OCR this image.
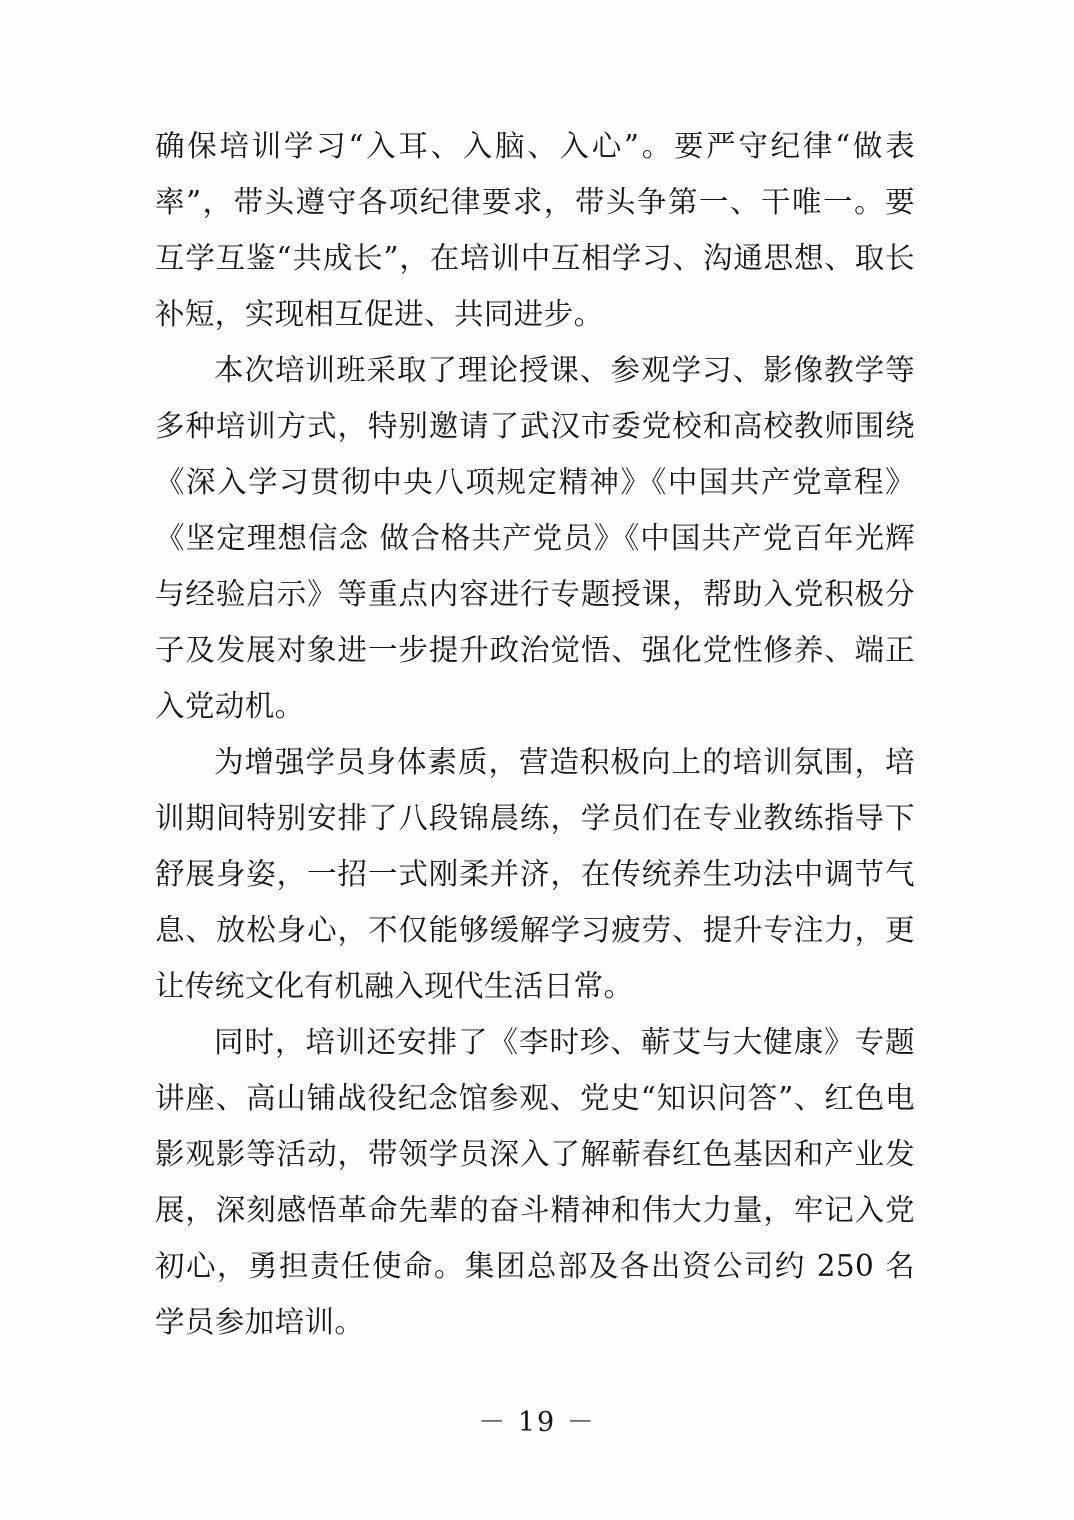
确保培训学习“入耳、入脑、入心”。要严守纪律“做表率”，带头遵守各项纪律要求，带头争第一、干唯一。要互学互鉴“共成长”，在培训中互相学习、沟通思想、取长补短，实现相互促进、共同进步。

本次培训班采取了理论授课、参观学习、影像教学等多种培训方式，特别邀请了武汉市委党校和高校教师围绕《深入学习贯彻中央八项规定精神》《中国共产党章程》《坚定理想信念 做合格共产党员》《中国共产党百年光辉与经验启示》等重点内容进行专题授课，帮助入党积极分子及发展对象进一步提升政治觉悟、强化党性修养、端正入党动机。

为增强学员身体素质，营造积极向上的培训氛围，培训期间特别安排了八段锦晨练，学员们在专业教练指导下舒展身姿，一招一式刚柔并济，在传统养生功法中调节气息、放松身心，不仅能够缓解学习疲劳、提升专注力，更让传统文化有机融入现代生活日常。

同时，培训还安排了《李时珍、蕲艾与大健康》专题讲座、高山铺战役纪念馆参观、党史“知识问答”、红色电影观影等活动，带领学员深入了解蕲春红色基因和产业发展，深刻感悟革命先辈的奋斗精神和伟大力量，牢记入党初心，勇担责任使命。集团总部及各出资公司约 250 名学员参加培训。

－ 19 －
